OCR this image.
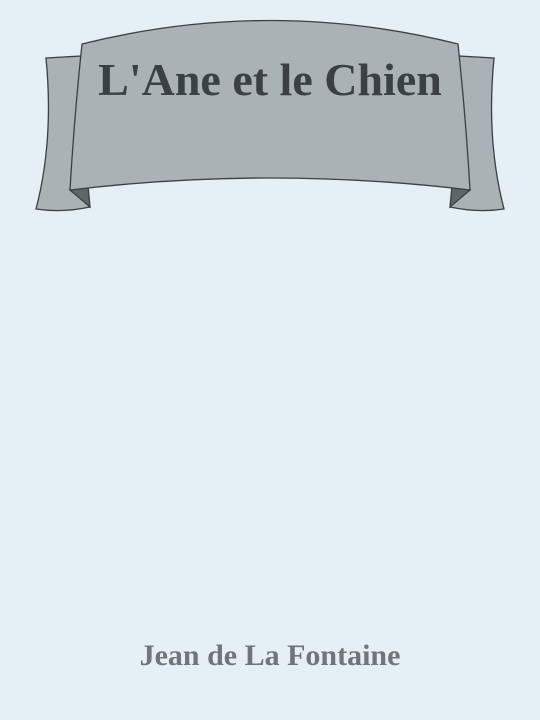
L'Ane et le Chien
Jean de La Fontaine
